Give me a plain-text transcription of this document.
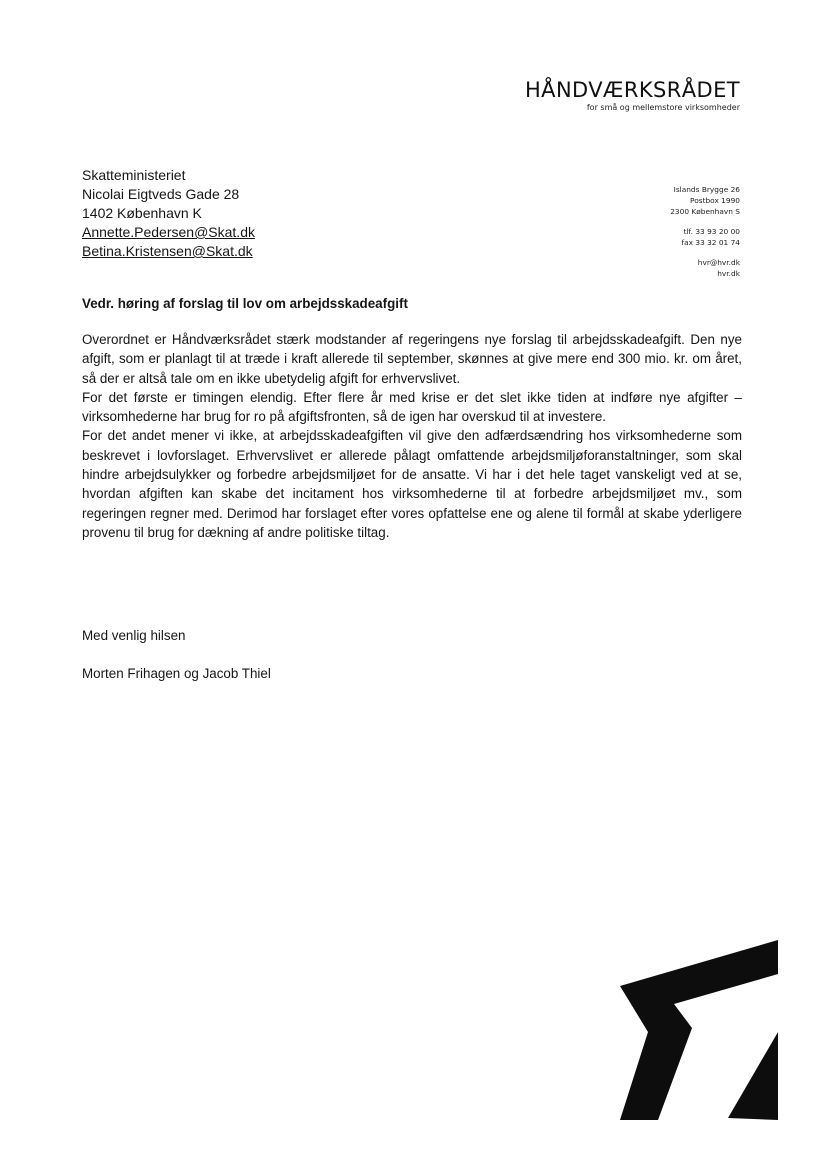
HÅNDVÆRKSRÅDET
for små og mellemstore virksomheder
Islands Brygge 26
Postbox 1990
2300 København S
tlf. 33 93 20 00
fax 33 32 01 74
hvr@hvr.dk
hvr.dk
Skatteministeriet
Nicolai Eigtveds Gade 28
1402 København K
Annette.Pedersen@Skat.dk
Betina.Kristensen@Skat.dk
Vedr. høring af forslag til lov om arbejdsskadeafgift

Overordnet er Håndværksrådet stærk modstander af regeringens nye forslag til arbejdsskadeafgift. Den nye afgift, som er planlagt til at træde i kraft allerede til september, skønnes at give mere end 300 mio. kr. om året, så der er altså tale om en ikke ubetydelig afgift for erhvervslivet.

For det første er timingen elendig. Efter flere år med krise er det slet ikke tiden at indføre nye afgifter – virksomhederne har brug for ro på afgiftsfronten, så de igen har overskud til at investere.

For det andet mener vi ikke, at arbejdsskadeafgiften vil give den adfærdsændring hos virksomhederne som beskrevet i lovforslaget. Erhvervslivet er allerede pålagt omfattende arbejdsmiljøforanstaltninger, som skal hindre arbejdsulykker og forbedre arbejdsmiljøet for de ansatte. Vi har i det hele taget vanskeligt ved at se, hvordan afgiften kan skabe det incitament hos virksomhederne til at forbedre arbejdsmiljøet mv., som regeringen regner med. Derimod har forslaget efter vores opfattelse ene og alene til formål at skabe yderligere provenu til brug for dækning af andre politiske tiltag.

Med venlig hilsen
Morten Frihagen og Jacob Thiel
